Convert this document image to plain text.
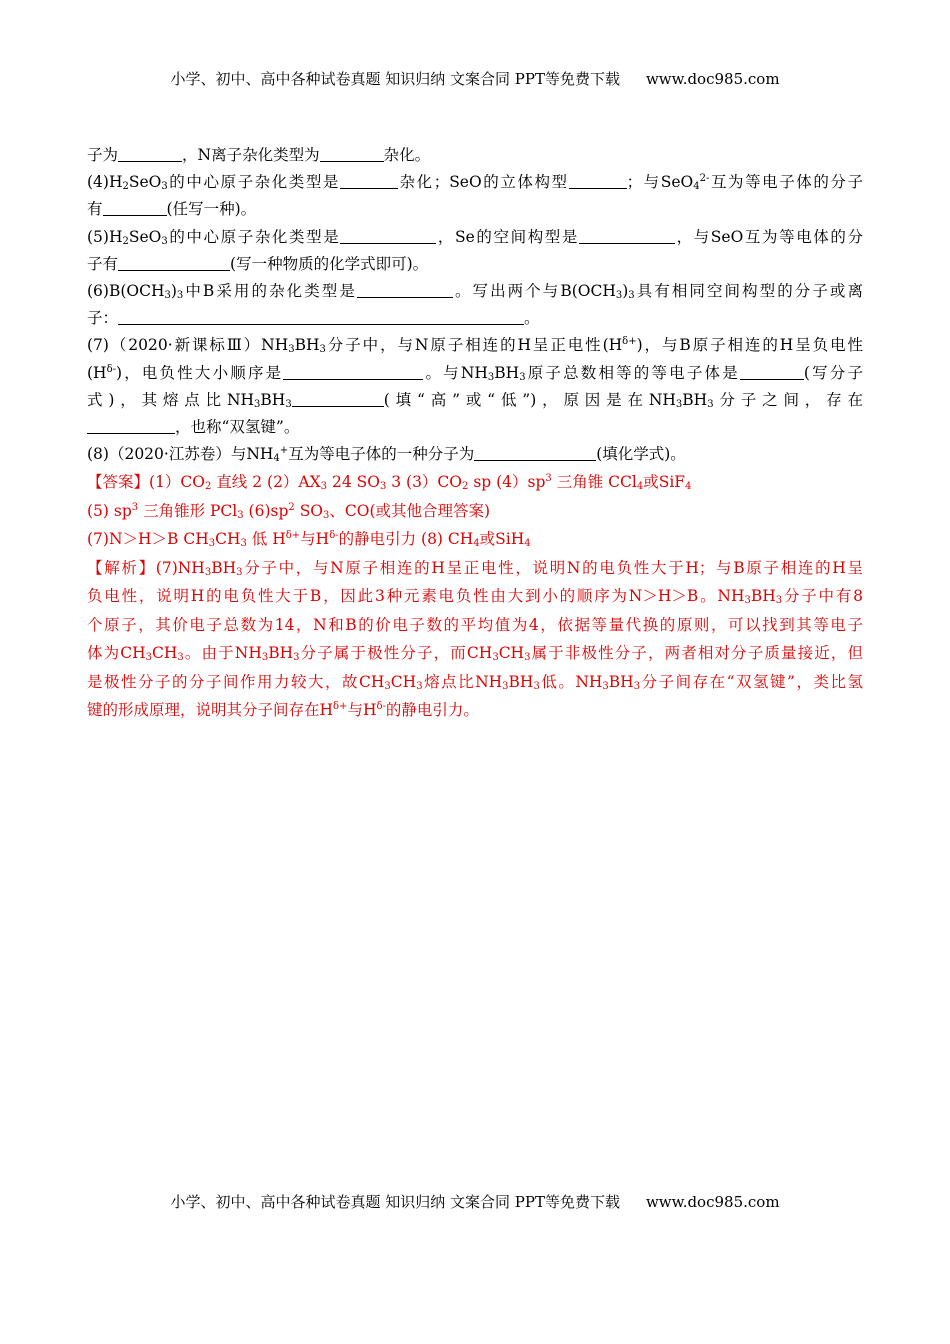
小学、初中、高中各种试卷真题 知识归纳 文案合同 PPT等免费下载 www.doc985.com
子为	，N离子杂化类型为	杂化。
$(4)H_2SeO_3$的中心原子杂化类型是	杂化；SeO的立体构型	；与SeO$_4^{2-}$互为等电子体的分子
有	(任写一种)。
$(5)H_2SeO_3$的中心原子杂化类型是	，Se的空间构型是	，与SeO互为等电体的分
子有	(写一种物质的化学式即可)。
$(6)B(OCH_3)_3$中B采用的杂化类型是	。写出两个与$B(OCH_3)_3$具有相同空间构型的分子或离
子：	。
(7)（2020·新课标$Ⅲ)NH_3BH_3$分子中，与N原子相连的H呈正电性$(H^{\delta+})$，与B原子相连的H呈负电性
$(H^{\delta-})$，电负性大小顺序是	。与$NH_3BH_3$原子总数相等的等电子体是	(写分子
式)，其熔点比$NH_3BH_3$	(填“高”或“低”)，原因是在$NH_3BH_3$分子之间，存在
，也称“双氢键”。
(8)（2020·江苏卷）与$NH_4^+$互为等电子体的一种分子为	(填化学式)。
【答案】$(1)CO_2$ 直线 2 $(2)AX_3$ 24 $SO_3$ 3 $(3)CO_2$ sp $(4)sp^3$ 三角锥 CCl$_4$或SiF$_4$
(5) $sp^3$ 三角锥形 PCl$_3$ $(6)sp^2$ $SO_3$、CO(或其他合理答案)
(7)N＞H＞B $CH_3CH_3$ 低 $H^{\delta+}$与$H^{\delta-}$的静电引力 (8) $CH_4$或SiH$_4$
【解析】$(7)NH_3BH_3$分子中，与N原子相连的H呈正电性，说明N的电负性大于H；与B原子相连的H呈
负电性，说明H的电负性大于B，因此3种元素电负性由大到小的顺序为N＞H＞B。$NH_3BH_3$分子中有8
个原子，其价电子总数为14，N和B的价电子数的平均值为4，依据等量代换的原则，可以找到其等电子
体为$CH_3CH_3$。由于$NH_3BH_3$分子属于极性分子，而$CH_3CH_3$属于非极性分子，两者相对分子质量接近，但
是极性分子的分子间作用力较大，故$CH_3CH_3$熔点比$NH_3BH_3$低。$NH_3BH_3$分子间存在“双氢键”，类比氢
键的形成原理，说明其分子间存在$H^{\delta+}$与$H^{\delta-}$的静电引力。
小学、初中、高中各种试卷真题 知识归纳 文案合同 PPT等免费下载 www.doc985.com
